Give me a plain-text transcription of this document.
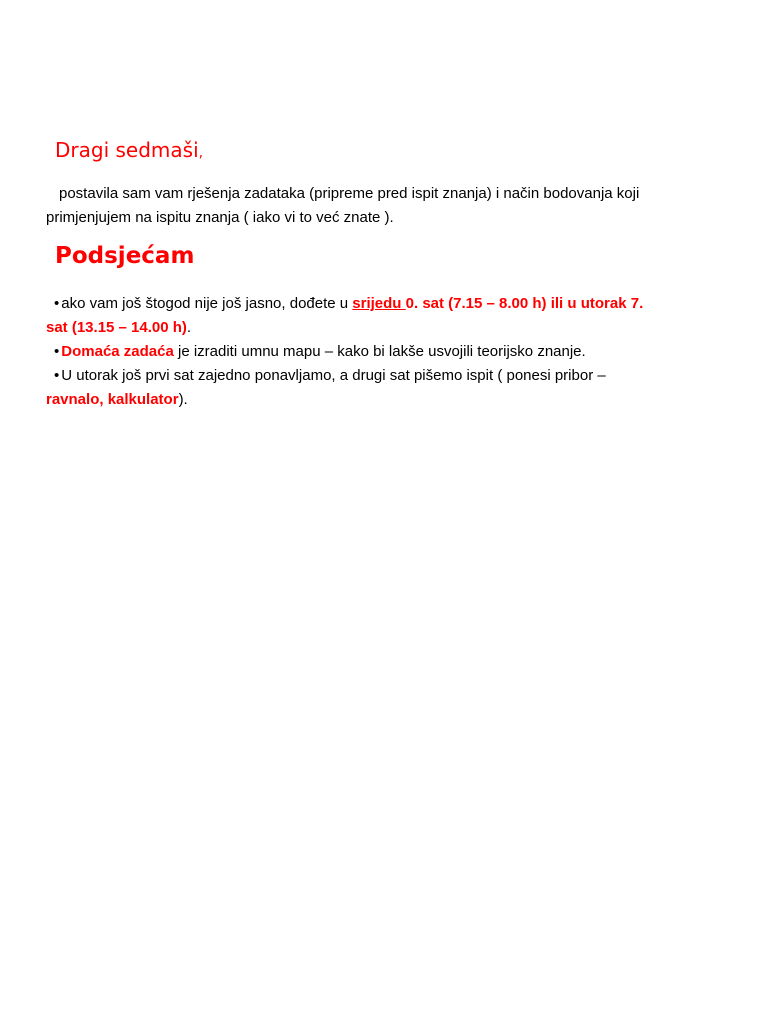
Dragi sedmaši,
postavila sam vam rješenja zadataka (pripreme pred ispit znanja) i način bodovanja koji
primjenjujem na ispitu znanja ( iako vi to već znate ).
Podsjećam
• ako vam još štogod nije još jasno, dođete u srijedu 0. sat (7.15 – 8.00 h) ili u utorak 7.
sat (13.15 – 14.00 h).
• Domaća zadaća je izraditi umnu mapu – kako bi lakše usvojili teorijsko znanje.
• U utorak još prvi sat zajedno ponavljamo, a drugi sat pišemo ispit ( ponesi pribor –
ravnalo, kalkulator).
